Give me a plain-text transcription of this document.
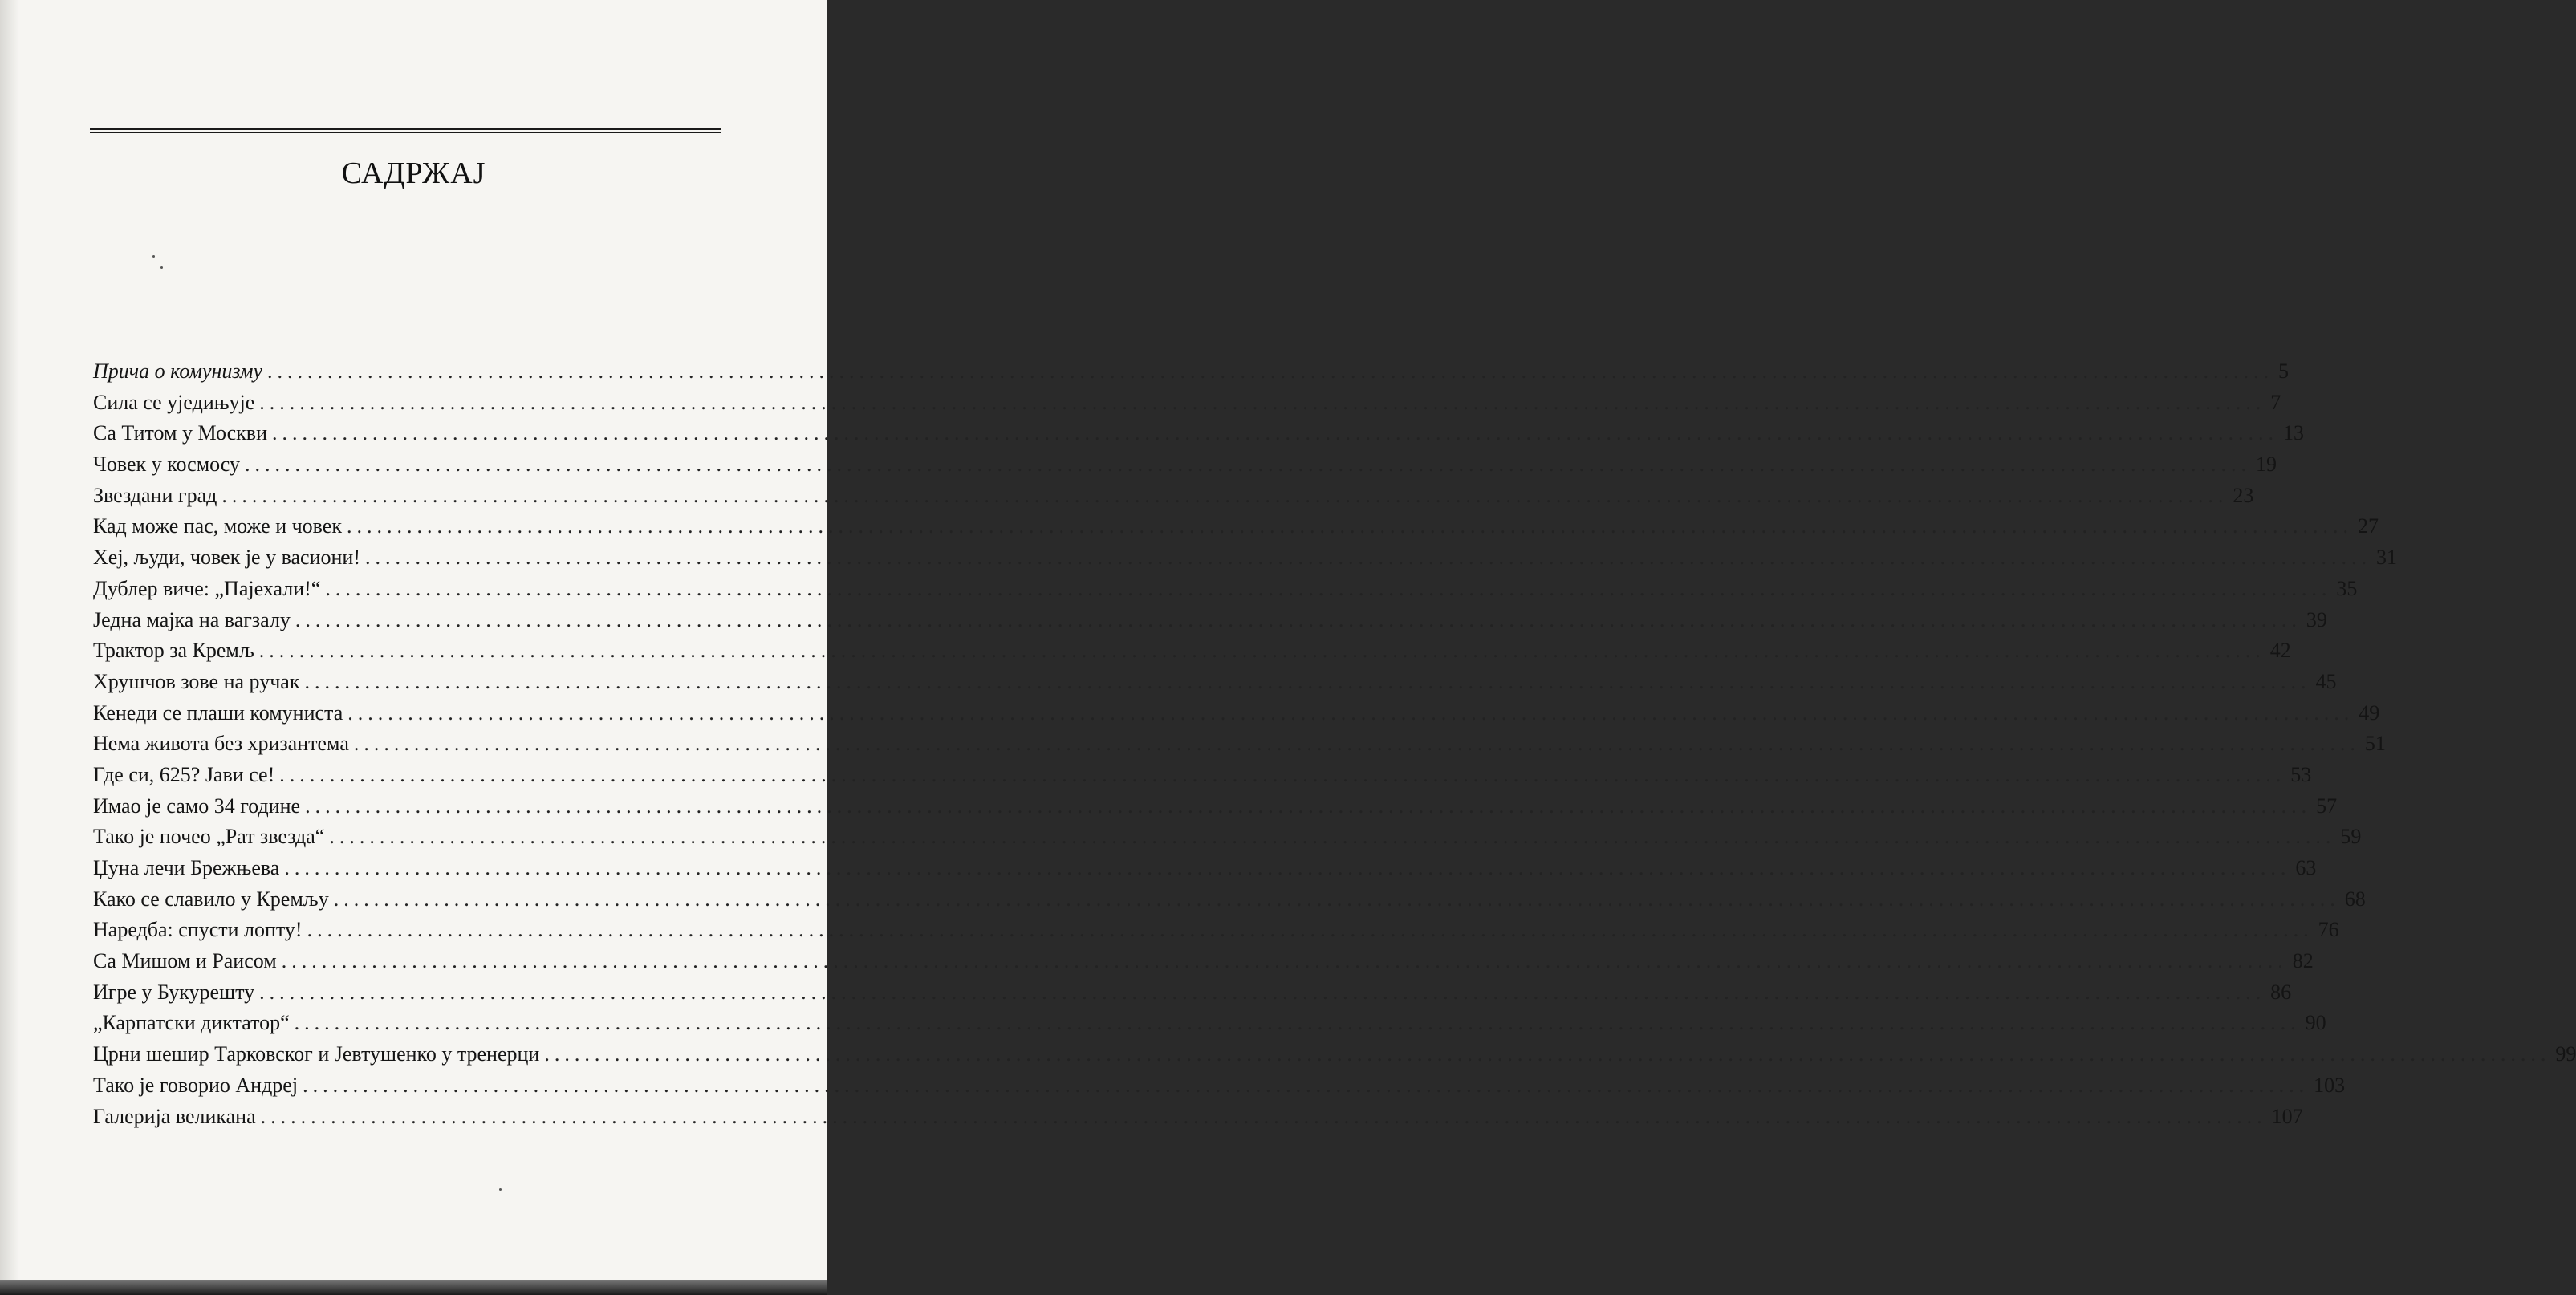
САДРЖАЈ
Прича о комунизму ........................................................................................................................................................................................................ 5
Сила се уједињује ........................................................................................................................................................................................................ 7
Са Титом у Москви ........................................................................................................................................................................................................ 13
Човек у космосу ........................................................................................................................................................................................................ 19
Звездани град ........................................................................................................................................................................................................ 23
Кад може пас, може и човек ........................................................................................................................................................................................................ 27
Хеј, људи, човек је у васиони! ........................................................................................................................................................................................................ 31
Дублер виче: „Пајехали!“ ........................................................................................................................................................................................................ 35
Једна мајка на вагзалу ........................................................................................................................................................................................................ 39
Трактор за Кремљ ........................................................................................................................................................................................................ 42
Хрушчов зове на ручак ........................................................................................................................................................................................................ 45
Кенеди се плаши комуниста ........................................................................................................................................................................................................ 49
Нема живота без хризантема ........................................................................................................................................................................................................ 51
Где си, 625? Јави се! ........................................................................................................................................................................................................ 53
Имао је само 34 године ........................................................................................................................................................................................................ 57
Тако је почео „Рат звезда“ ........................................................................................................................................................................................................ 59
Џуна лечи Брежњева ........................................................................................................................................................................................................ 63
Како се славило у Кремљу ........................................................................................................................................................................................................ 68
Наредба: спусти лопту! ........................................................................................................................................................................................................ 76
Са Мишом и Раисом ........................................................................................................................................................................................................ 82
Игре у Букурешту ........................................................................................................................................................................................................ 86
„Карпатски диктатор“ ........................................................................................................................................................................................................ 90
Црни шешир Тарковског и Јевтушенко у тренерци ........................................................................................................................................................................................................ 99
Тако је говорио Андреј ........................................................................................................................................................................................................ 103
Галерија великана ........................................................................................................................................................................................................ 107
